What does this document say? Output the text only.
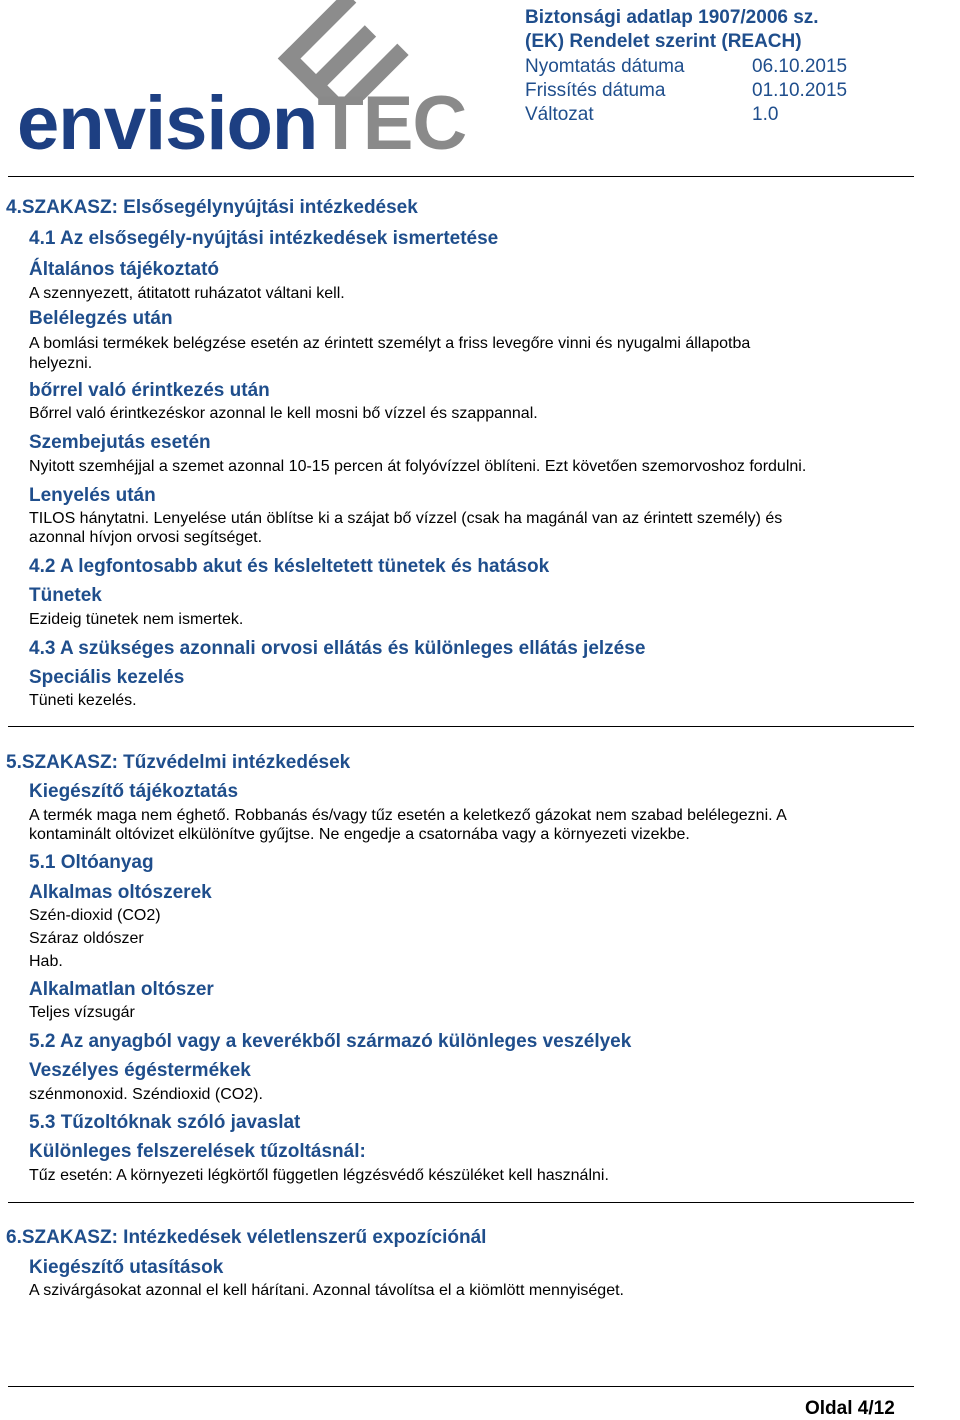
envisionTEC
Biztonsági adatlap 1907/2006 sz.
(EK) Rendelet szerint (REACH)
Nyomtatás dátuma	06.10.2015
Frissítés dátuma	01.10.2015
Változat	1.0
4.SZAKASZ: Elsősegélynyújtási intézkedések
4.1 Az elsősegély-nyújtási intézkedések ismertetése
Általános tájékoztató
A szennyezett, átitatott ruházatot váltani kell.
Belélegzés után
A bomlási termékek belégzése esetén az érintett személyt a friss levegőre vinni és nyugalmi állapotba
helyezni.
bőrrel való érintkezés után
Bőrrel való érintkezéskor azonnal le kell mosni bő vízzel és szappannal.
Szembejutás esetén
Nyitott szemhéjjal a szemet azonnal 10-15 percen át folyóvízzel öblíteni. Ezt követően szemorvoshoz fordulni.
Lenyelés után
TILOS hánytatni. Lenyelése után öblítse ki a szájat bő vízzel (csak ha magánál van az érintett személy) és
azonnal hívjon orvosi segítséget.
4.2 A legfontosabb akut és késleltetett tünetek és hatások
Tünetek
Ezideig tünetek nem ismertek.
4.3 A szükséges azonnali orvosi ellátás és különleges ellátás jelzése
Speciális kezelés
Tüneti kezelés.
5.SZAKASZ: Tűzvédelmi intézkedések
Kiegészítő tájékoztatás
A termék maga nem éghető. Robbanás és/vagy tűz esetén a keletkező gázokat nem szabad belélegezni. A
kontaminált oltóvizet elkülönítve gyűjtse. Ne engedje a csatornába vagy a környezeti vizekbe.
5.1 Oltóanyag
Alkalmas oltószerek
Szén-dioxid (CO2)
Száraz oldószer
Hab.
Alkalmatlan oltószer
Teljes vízsugár
5.2 Az anyagból vagy a keverékből származó különleges veszélyek
Veszélyes égéstermékek
szénmonoxid. Széndioxid (CO2).
5.3 Tűzoltóknak szóló javaslat
Különleges felszerelések tűzoltásnál:
Tűz esetén: A környezeti légkörtől független légzésvédő készüléket kell használni.
6.SZAKASZ: Intézkedések véletlenszerű expozíciónál
Kiegészítő utasítások
A szivárgásokat azonnal el kell hárítani. Azonnal távolítsa el a kiömlött mennyiséget.
Oldal 4/12
